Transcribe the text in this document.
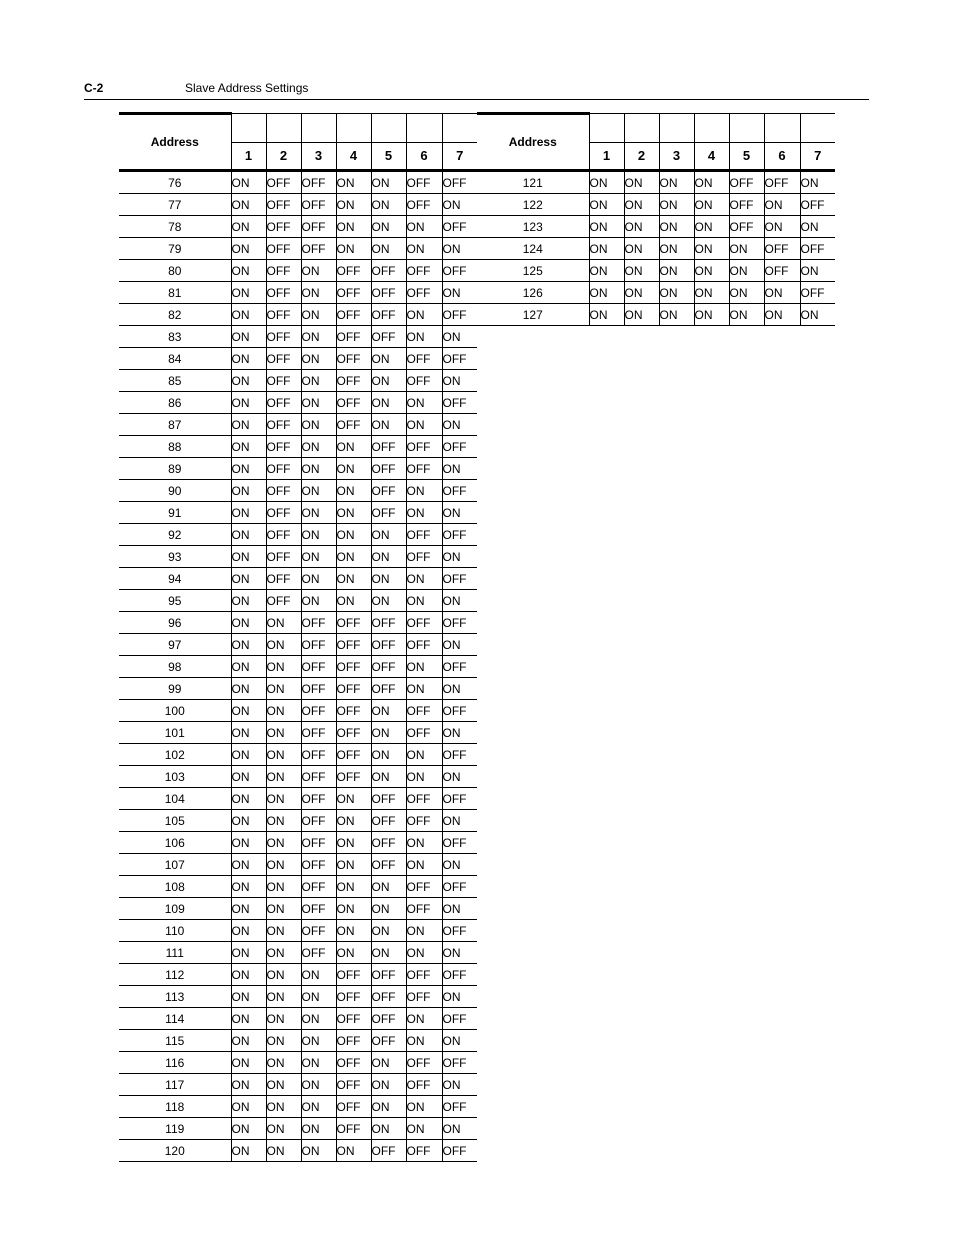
C-2	Slave Address Settings
Address							
	1	2	3	4	5	6	7
76	ON	OFF	OFF	ON	ON	OFF	OFF
77	ON	OFF	OFF	ON	ON	OFF	ON
78	ON	OFF	OFF	ON	ON	ON	OFF
79	ON	OFF	OFF	ON	ON	ON	ON
80	ON	OFF	ON	OFF	OFF	OFF	OFF
81	ON	OFF	ON	OFF	OFF	OFF	ON
82	ON	OFF	ON	OFF	OFF	ON	OFF
83	ON	OFF	ON	OFF	OFF	ON	ON
84	ON	OFF	ON	OFF	ON	OFF	OFF
85	ON	OFF	ON	OFF	ON	OFF	ON
86	ON	OFF	ON	OFF	ON	ON	OFF
87	ON	OFF	ON	OFF	ON	ON	ON
88	ON	OFF	ON	ON	OFF	OFF	OFF
89	ON	OFF	ON	ON	OFF	OFF	ON
90	ON	OFF	ON	ON	OFF	ON	OFF
91	ON	OFF	ON	ON	OFF	ON	ON
92	ON	OFF	ON	ON	ON	OFF	OFF
93	ON	OFF	ON	ON	ON	OFF	ON
94	ON	OFF	ON	ON	ON	ON	OFF
95	ON	OFF	ON	ON	ON	ON	ON
96	ON	ON	OFF	OFF	OFF	OFF	OFF
97	ON	ON	OFF	OFF	OFF	OFF	ON
98	ON	ON	OFF	OFF	OFF	ON	OFF
99	ON	ON	OFF	OFF	OFF	ON	ON
100	ON	ON	OFF	OFF	ON	OFF	OFF
101	ON	ON	OFF	OFF	ON	OFF	ON
102	ON	ON	OFF	OFF	ON	ON	OFF
103	ON	ON	OFF	OFF	ON	ON	ON
104	ON	ON	OFF	ON	OFF	OFF	OFF
105	ON	ON	OFF	ON	OFF	OFF	ON
106	ON	ON	OFF	ON	OFF	ON	OFF
107	ON	ON	OFF	ON	OFF	ON	ON
108	ON	ON	OFF	ON	ON	OFF	OFF
109	ON	ON	OFF	ON	ON	OFF	ON
110	ON	ON	OFF	ON	ON	ON	OFF
111	ON	ON	OFF	ON	ON	ON	ON
112	ON	ON	ON	OFF	OFF	OFF	OFF
113	ON	ON	ON	OFF	OFF	OFF	ON
114	ON	ON	ON	OFF	OFF	ON	OFF
115	ON	ON	ON	OFF	OFF	ON	ON
116	ON	ON	ON	OFF	ON	OFF	OFF
117	ON	ON	ON	OFF	ON	OFF	ON
118	ON	ON	ON	OFF	ON	ON	OFF
119	ON	ON	ON	OFF	ON	ON	ON
120	ON	ON	ON	ON	OFF	OFF	OFF
Address							
	1	2	3	4	5	6	7
121	ON	ON	ON	ON	OFF	OFF	ON
122	ON	ON	ON	ON	OFF	ON	OFF
123	ON	ON	ON	ON	OFF	ON	ON
124	ON	ON	ON	ON	ON	OFF	OFF
125	ON	ON	ON	ON	ON	OFF	ON
126	ON	ON	ON	ON	ON	ON	OFF
127	ON	ON	ON	ON	ON	ON	ON
